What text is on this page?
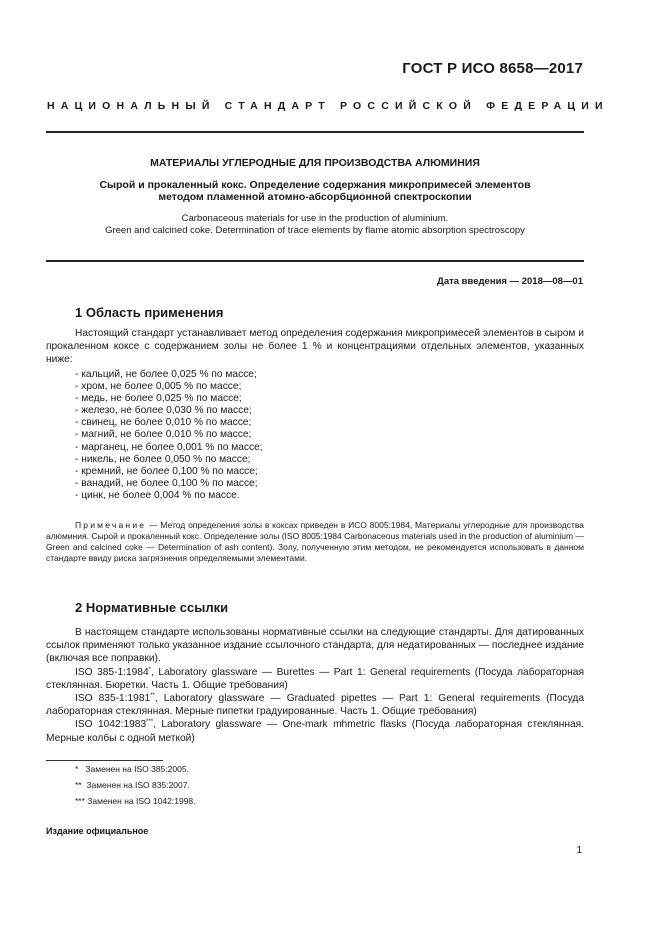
ГОСТ Р ИСО 8658—2017
НАЦИОНАЛЬНЫЙ СТАНДАРТ РОССИЙСКОЙ ФЕДЕРАЦИИ
МАТЕРИАЛЫ УГЛЕРОДНЫЕ ДЛЯ ПРОИЗВОДСТВА АЛЮМИНИЯ
Сырой и прокаленный кокс. Определение содержания микропримесей элементов
методом пламенной атомно-абсорбционной спектроскопии
Carbonaceous materials for use in the production of aluminium.
Green and calcined coke. Determination of trace elements by flame atomic absorption spectroscopy
Дата введения — 2018—08—01
1 Область применения
Настоящий стандарт устанавливает метод определения содержания микропримесей элементов в сыром и прокаленном коксе с содержанием золы не более 1 % и концентрациями отдельных элементов, указанных ниже:
- кальций, не более 0,025 % по массе;
- хром, не более 0,005 % по массе;
- медь, не более 0,025 % по массе;
- железо, не более 0,030 % по массе;
- свинец, не более 0,010 % по массе;
- магний, не более 0,010 % по массе;
- марганец, не более 0,001 % по массе;
- никель, не более 0,050 % по массе;
- кремний, не более 0,100 % по массе;
- ванадий, не более 0,100 % по массе;
- цинк, не более 0,004 % по массе.
Примечание — Метод определения золы в коксах приведен в ИСО 8005:1984, Материалы углеродные для производства алюминия. Сырой и прокаленный кокс. Определение золы (ISO 8005:1984 Carbonaceous materials used in the production of aluminium — Green and calcined coke — Determination of ash content). Золу, полученную этим методом, не рекомендуется использовать в данном стандарте ввиду риска загрязнения определяемыми элементами.
2 Нормативные ссылки
В настоящем стандарте использованы нормативные ссылки на следующие стандарты. Для датированных ссылок применяют только указанное издание ссылочного стандарта, для недатированных — последнее издание (включая все поправки).
ISO 385-1:1984*, Laboratory glassware — Burettes — Part 1: General requirements (Посуда лабораторная стеклянная. Бюретки. Часть 1. Общие требования)
ISO 835-1:1981**, Laboratory glassware — Graduated pipettes — Part 1: General requirements (Посуда лабораторная стеклянная. Мерные пипетки градуированные. Часть 1. Общие требования)
ISO 1042:1983***, Laboratory glassware — One-mark mhmetric flasks (Посуда лабораторная стеклянная. Мерные колбы с одной меткой)
*   Заменен на ISO 385:2005.
**  Заменен на ISO 835:2007.
*** Заменен на ISO 1042:1998.
Издание официальное
1
